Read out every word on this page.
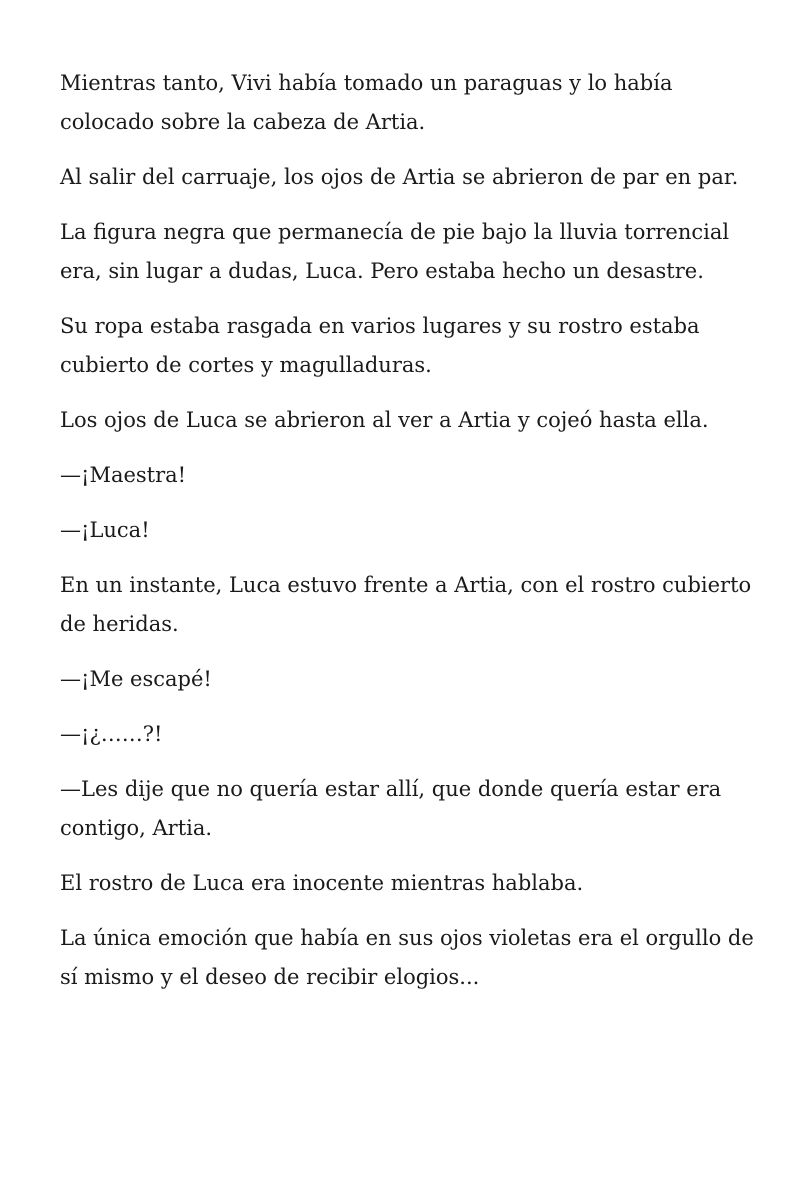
Mientras tanto, Vivi había tomado un paraguas y lo había colocado sobre la cabeza de Artia.

Al salir del carruaje, los ojos de Artia se abrieron de par en par.

La figura negra que permanecía de pie bajo la lluvia torrencial era, sin lugar a dudas, Luca. Pero estaba hecho un desastre.

Su ropa estaba rasgada en varios lugares y su rostro estaba cubierto de cortes y magulladuras.

Los ojos de Luca se abrieron al ver a Artia y cojeó hasta ella.

—¡Maestra!

—¡Luca!

En un instante, Luca estuvo frente a Artia, con el rostro cubierto de heridas.

—¡Me escapé!

—¡¿……?!

—Les dije que no quería estar allí, que donde quería estar era contigo, Artia.

El rostro de Luca era inocente mientras hablaba.

La única emoción que había en sus ojos violetas era el orgullo de sí mismo y el deseo de recibir elogios...
